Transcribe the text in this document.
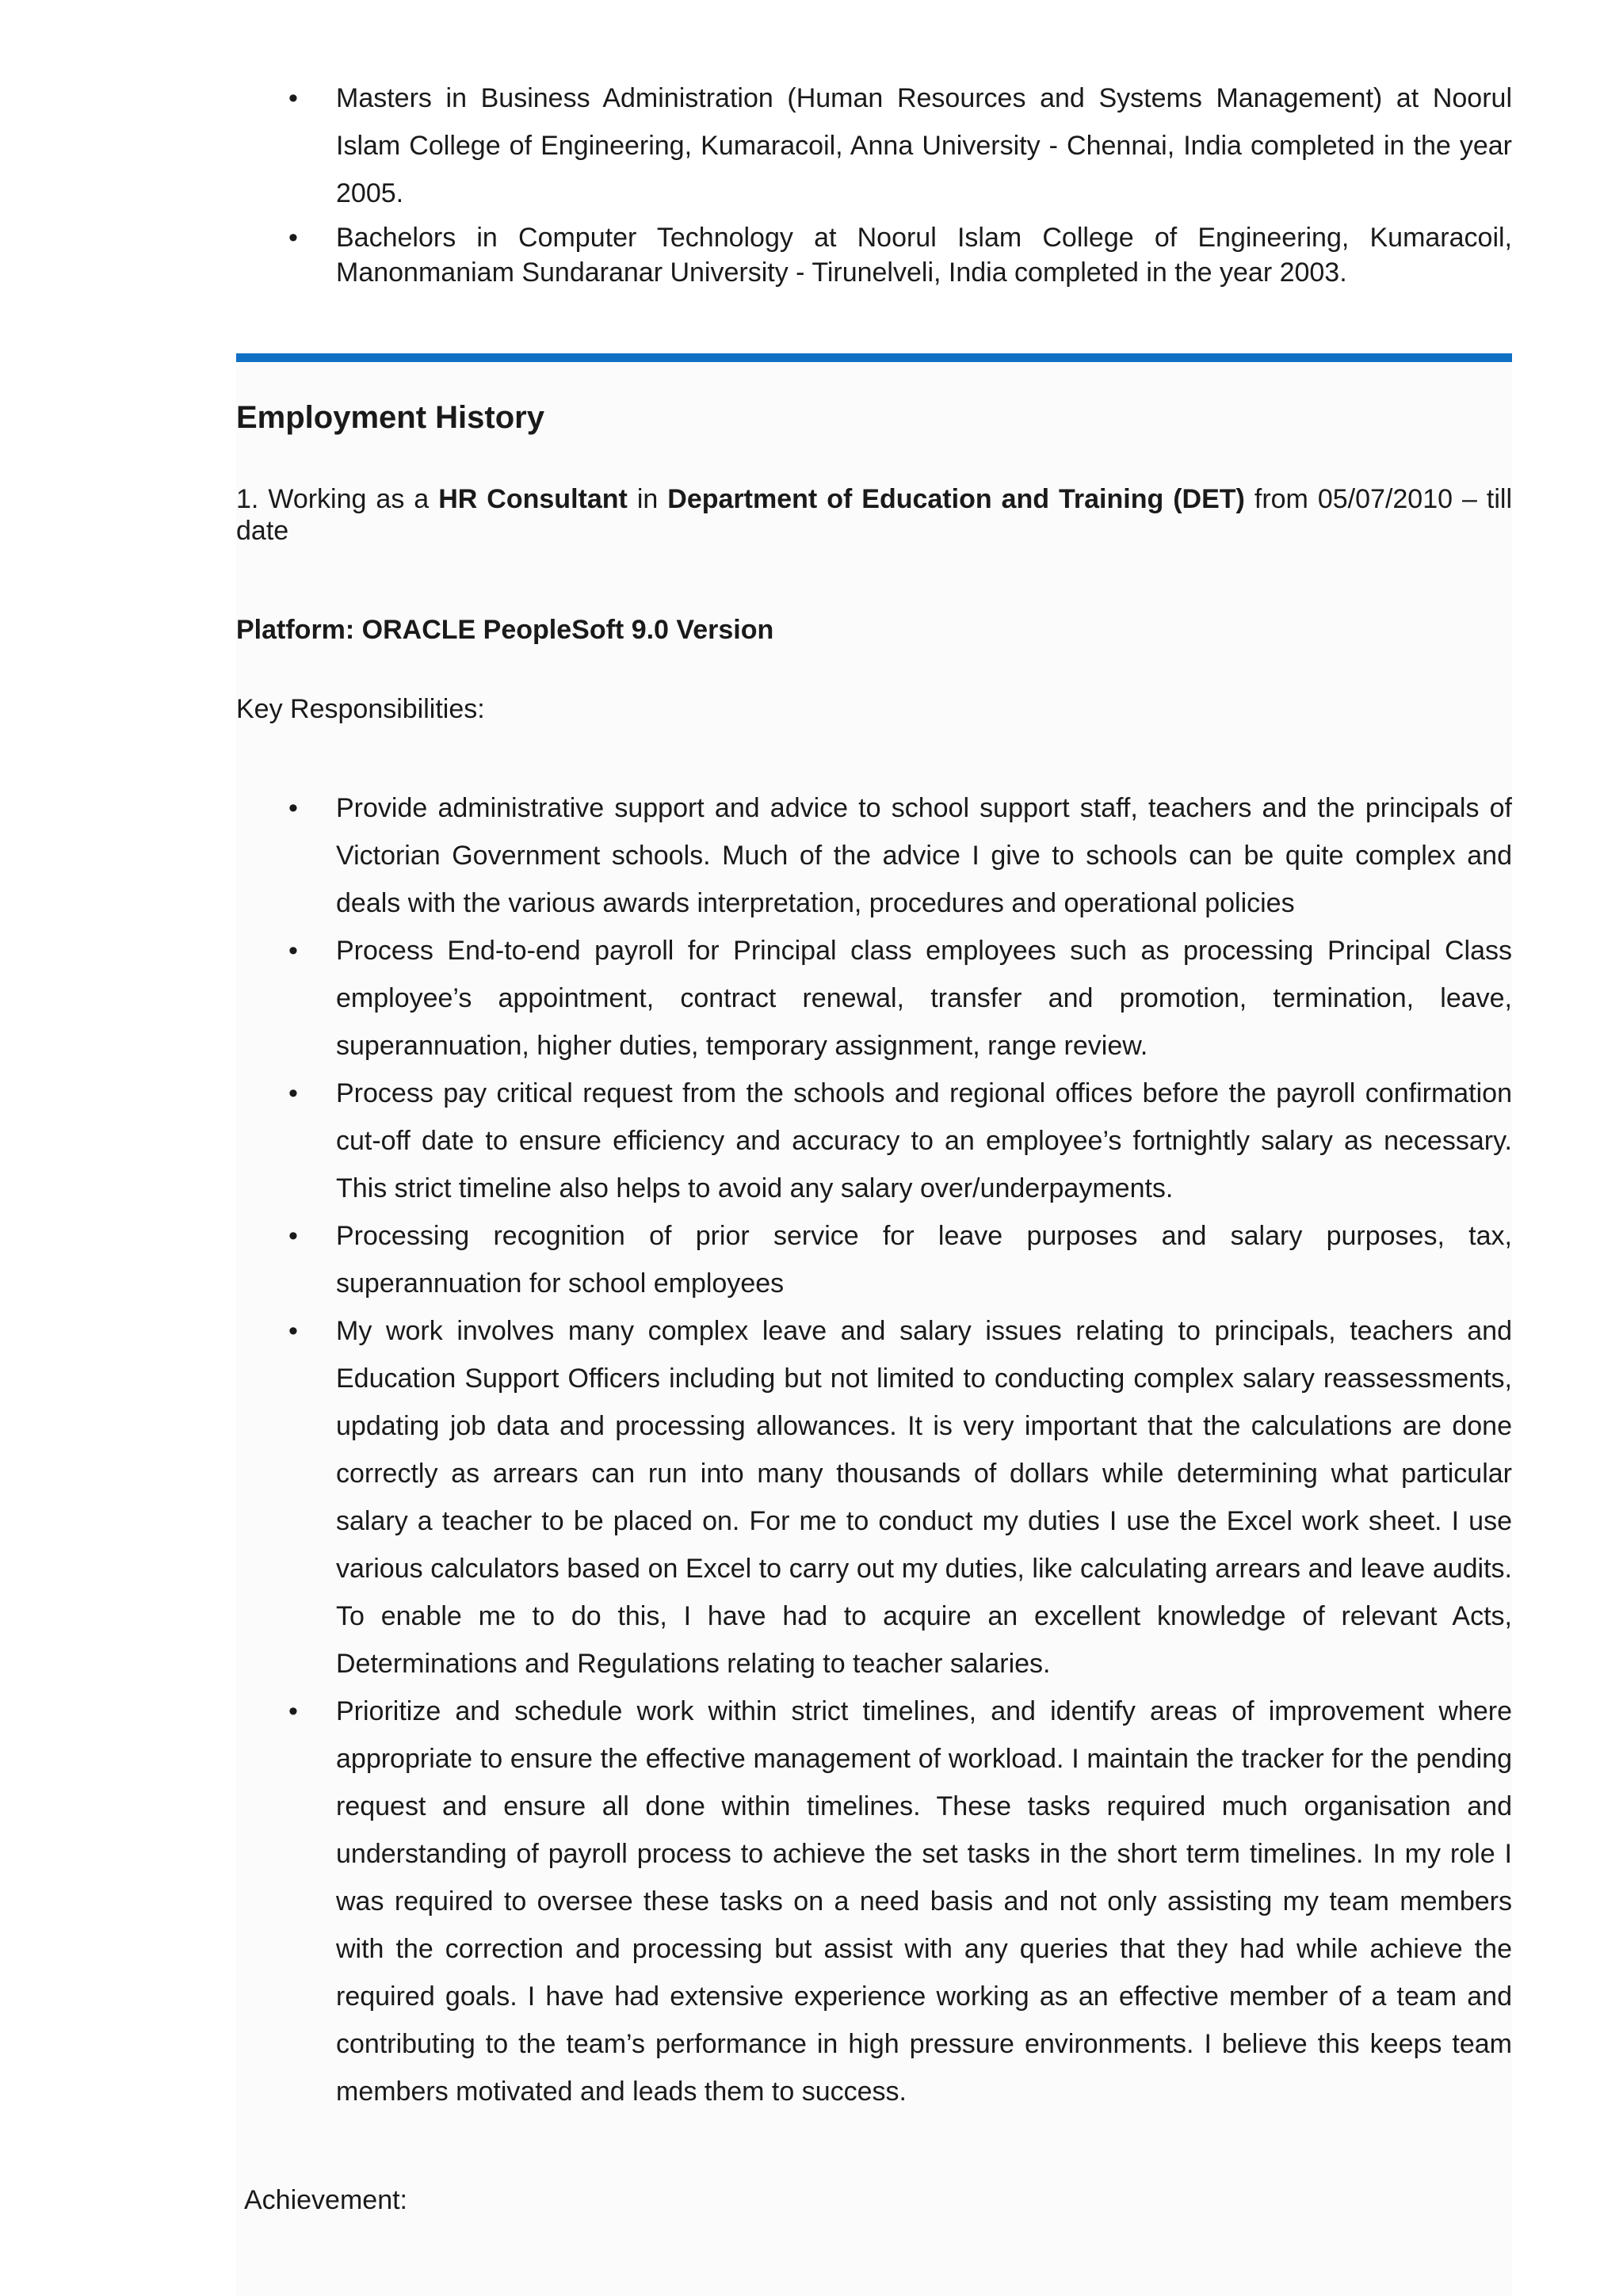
• Masters in Business Administration (Human Resources and Systems Management) at Noorul Islam College of Engineering, Kumaracoil, Anna University - Chennai, India completed in the year 2005.
• Bachelors in Computer Technology at Noorul Islam College of Engineering, Kumaracoil, Manonmaniam Sundaranar University - Tirunelveli, India completed in the year 2003.
Employment History
1. Working as a HR Consultant in Department of Education and Training (DET) from 05/07/2010 – till date
Platform: ORACLE PeopleSoft 9.0 Version
Key Responsibilities:
• Provide administrative support and advice to school support staff, teachers and the principals of Victorian Government schools. Much of the advice I give to schools can be quite complex and deals with the various awards interpretation, procedures and operational policies
• Process End-to-end payroll for Principal class employees such as processing Principal Class employee’s appointment, contract renewal, transfer and promotion, termination, leave, superannuation, higher duties, temporary assignment, range review.
• Process pay critical request from the schools and regional offices before the payroll confirmation cut-off date to ensure efficiency and accuracy to an employee’s fortnightly salary as necessary. This strict timeline also helps to avoid any salary over/underpayments.
• Processing recognition of prior service for leave purposes and salary purposes, tax, superannuation for school employees
• My work involves many complex leave and salary issues relating to principals, teachers and Education Support Officers including but not limited to conducting complex salary reassessments, updating job data and processing allowances. It is very important that the calculations are done correctly as arrears can run into many thousands of dollars while determining what particular salary a teacher to be placed on. For me to conduct my duties I use the Excel work sheet. I use various calculators based on Excel to carry out my duties, like calculating arrears and leave audits. To enable me to do this, I have had to acquire an excellent knowledge of relevant Acts, Determinations and Regulations relating to teacher salaries.
• Prioritize and schedule work within strict timelines, and identify areas of improvement where appropriate to ensure the effective management of workload. I maintain the tracker for the pending request and ensure all done within timelines. These tasks required much organisation and understanding of payroll process to achieve the set tasks in the short term timelines. In my role I was required to oversee these tasks on a need basis and not only assisting my team members with the correction and processing but assist with any queries that they had while achieve the required goals. I have had extensive experience working as an effective member of a team and contributing to the team’s performance in high pressure environments. I believe this keeps team members motivated and leads them to success.
Achievement:
